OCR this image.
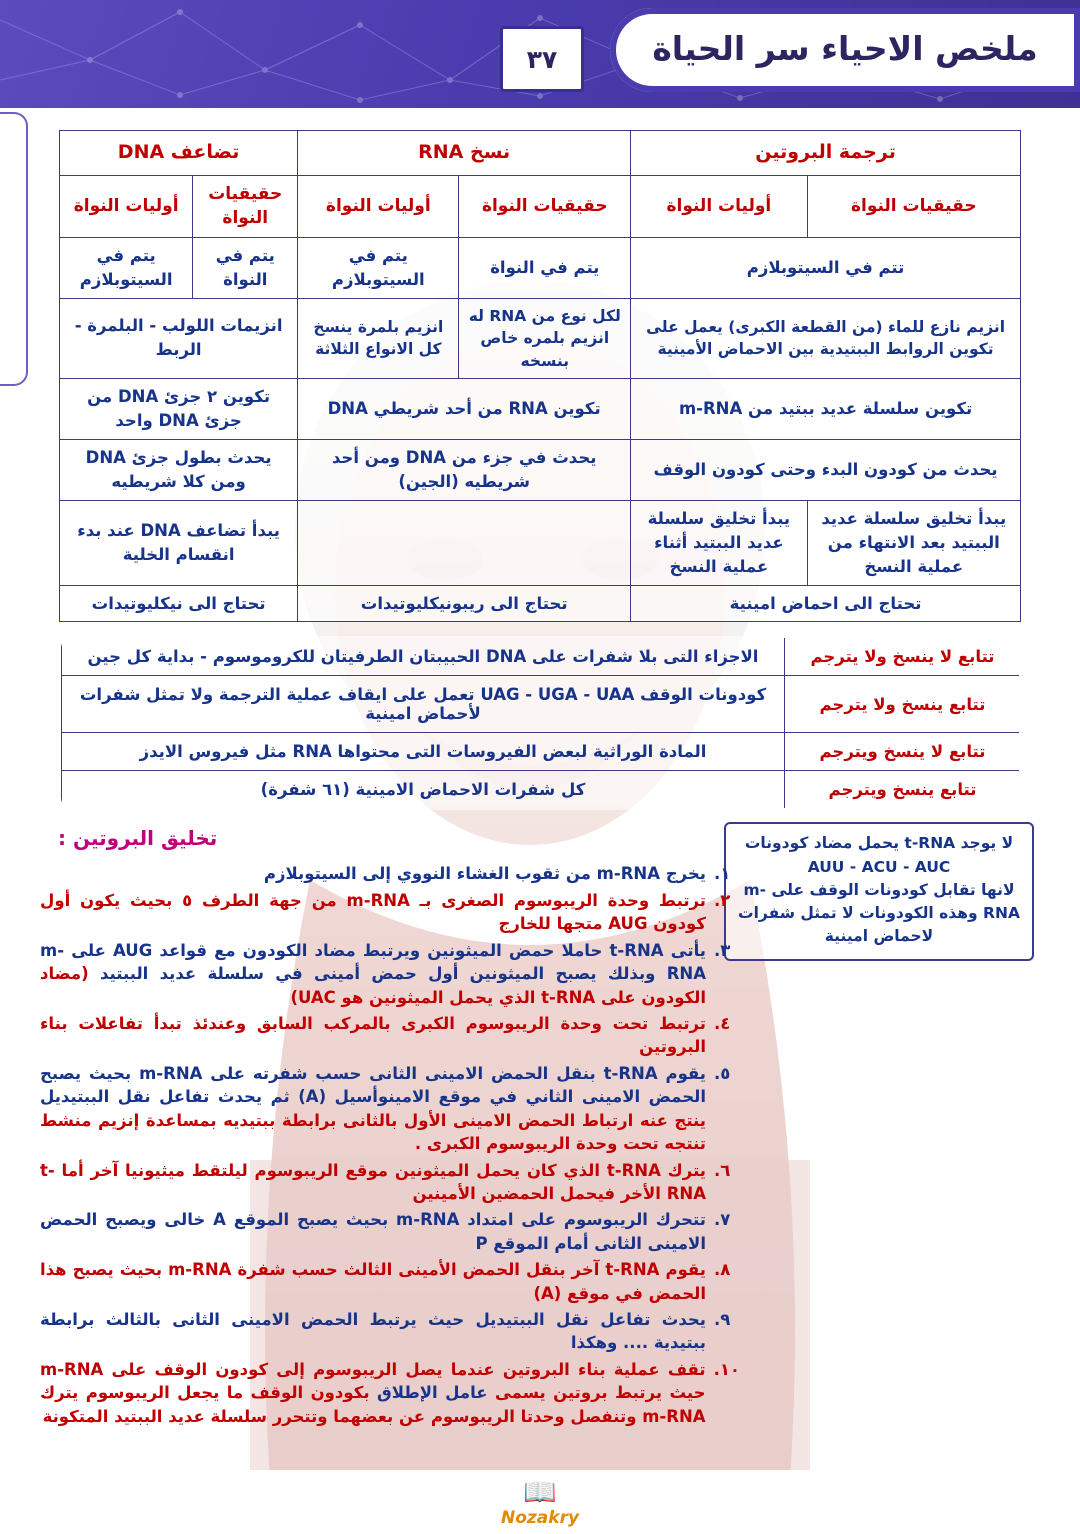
ملخص الاحياء سر الحياة
٣٧
ترجمة البروتين		نسخ RNA		تضاعف DNA	
حقيقيات النواة	أوليات النواة	حقيقيات النواة	أوليات النواة	حقيقيات النواة	أوليات النواة
تتم في السيتوبلازم		يتم في النواة	يتم في السيتوبلازم	يتم في النواة	يتم في السيتوبلازم
انزيم نازع للماء (من القطعة الكبرى) يعمل على تكوين الروابط الببتيدية بين الاحماض الأمينية		لكل نوع من RNA له انزيم بلمره خاص بنسخه	انزيم بلمرة ينسخ كل الانواع الثلاثة	انزيمات اللولب - البلمرة - الربط	
تكوين سلسلة عديد ببتيد من m-RNA		تكوين RNA من أحد شريطي DNA		تكوين ٢ جزئ DNA من جزئ DNA واحد	
يحدث من كودون البدء وحتى كودون الوقف		يحدث في جزء من DNA ومن أحد شريطيه (الجين)		يحدث بطول جزئ DNA ومن كلا شريطيه	
يبدأ تخليق سلسلة عديد الببتيد بعد الانتهاء من عملية النسخ	يبدأ تخليق سلسلة عديد الببتيد أثناء عملية النسخ			يبدأ تضاعف DNA عند بدء انقسام الخلية	
تحتاج الى احماض امينية		تحتاج الى ريبونيكليوتيدات		تحتاج الى نيكليوتيدات	
تتابع لا ينسخ ولا يترجم	الاجزاء التى بلا شفرات على DNA الحبيبتان الطرفيتان للكروموسوم - بداية كل جين
تتابع ينسخ ولا يترجم	كودونات الوقف UAG - UGA - UAA تعمل على ايقاف عملية الترجمة ولا تمثل شفرات لأحماض امينية
تتابع لا ينسخ ويترجم	المادة الوراثية لبعض الفيروسات التى محتواها RNA مثل فيروس الايدز
تتابع ينسخ ويترجم	كل شفرات الاحماض الامينية (٦١ شفرة)
لا يوجد t-RNA يحمل مضاد كودونات
AUU - ACU - AUC
لانها تقابل كودونات الوقف على m-RNA وهذه الكودونات لا تمثل شفرات لاحماض امينية
تخليق البروتين :
١.
يخرج m-RNA من ثقوب الغشاء النووي إلى السيتوبلازم
٢.
ترتبط وحدة الريبوسوم الصغرى بـ m-RNA من جهة الطرف ٥ بحيث يكون أول كودون AUG متجها للخارج
٣.
يأتى t-RNA حاملا حمض الميثونين ويرتبط مضاد الكودون مع قواعد AUG على m-RNA وبذلك يصبح الميثونين أول حمض أمينى في سلسلة عديد الببتيد (مضاد الكودون على t-RNA الذي يحمل الميثونين هو UAC)
٤.
ترتبط تحت وحدة الريبوسوم الكبرى بالمركب السابق وعندئذ تبدأ تفاعلات بناء البروتين
٥.
يقوم t-RNA بنقل الحمض الامينى الثانى حسب شفرته على m-RNA بحيث يصبح الحمض الامينى الثاني في موقع الامينوأسيل (A) ثم يحدث تفاعل نقل الببتيديل ينتج عنه ارتباط الحمض الامينى الأول بالثانى برابطة ببتيديه بمساعدة إنزيم منشط تنتجه تحت وحدة الريبوسوم الكبرى .
٦.
يترك t-RNA الذي كان يحمل الميثونين موقع الريبوسوم ليلتقط ميثيونيا آخر أما t-RNA الأخر فيحمل الحمضين الأمينين
٧.
تتحرك الريبوسوم على امتداد m-RNA بحيث يصبح الموقع A خالى ويصبح الحمض الامينى الثانى أمام الموقع P
٨.
يقوم t-RNA آخر بنقل الحمض الأمينى الثالث حسب شفرة m-RNA بحيث يصبح هذا الحمض في موقع (A)
٩.
يحدث تفاعل نقل الببتيديل حيث يرتبط الحمض الامينى الثانى بالثالث برابطة ببتيدية .... وهكذا
١٠.
تقف عملية بناء البروتين عندما يصل الريبوسوم إلى كودون الوقف على m-RNA حيث يرتبط بروتين يسمى عامل الإطلاق بكودون الوقف ما يجعل الريبوسوم يترك m-RNA وتنفصل وحدتا الريبوسوم عن بعضهما وتتحرر سلسلة عديد الببتيد المتكونة
📖
Nozakry
